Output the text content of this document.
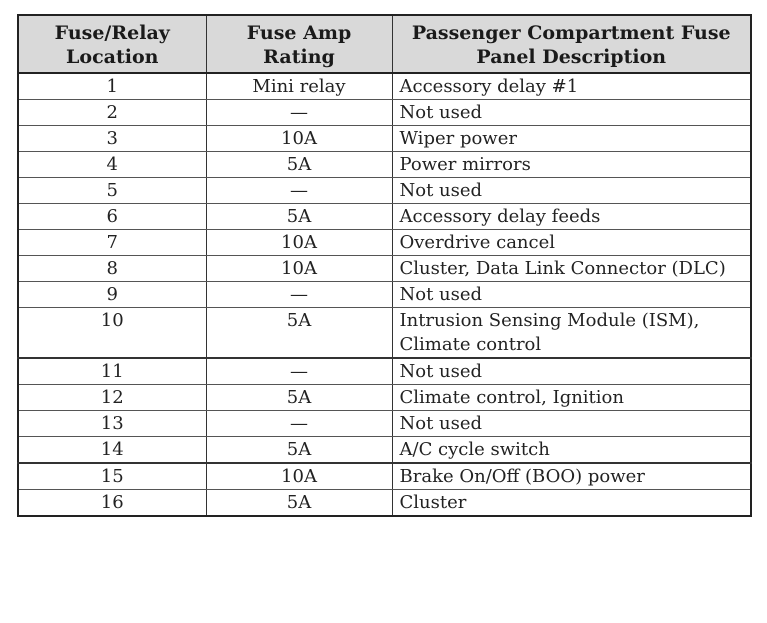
Fuse/Relay Location	Fuse Amp Rating	Passenger Compartment Fuse Panel Description
1	Mini relay	Accessory delay #1
2	—	Not used
3	10A	Wiper power
4	5A	Power mirrors
5	—	Not used
6	5A	Accessory delay feeds
7	10A	Overdrive cancel
8	10A	Cluster, Data Link Connector (DLC)
9	—	Not used
10	5A	Intrusion Sensing Module (ISM), Climate control
11	—	Not used
12	5A	Climate control, Ignition
13	—	Not used
14	5A	A/C cycle switch
15	10A	Brake On/Off (BOO) power
16	5A	Cluster
